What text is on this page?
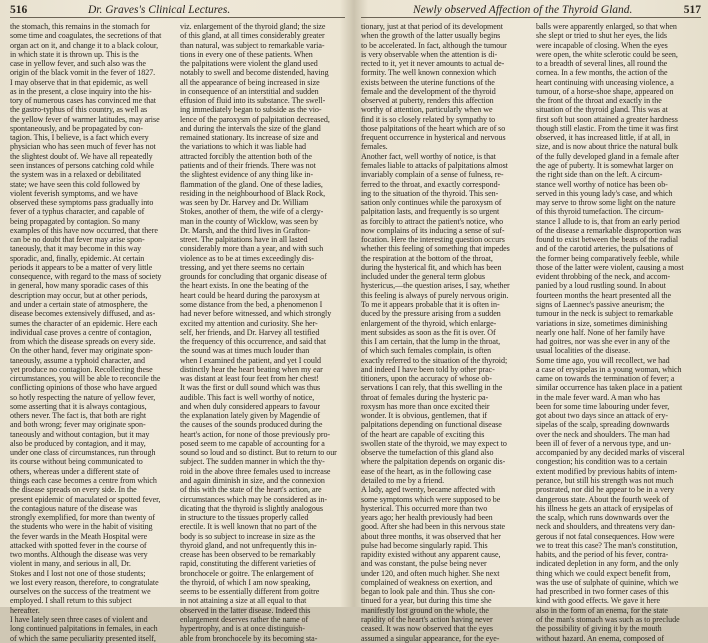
516	Dr. Graves's Clinical Lectures.
the stomach, this remains in the stomach for
some time and coagulates, the secretions of that
organ act on it, and change it to a black colour,
in which state it is thrown up. This is the
case in yellow fever, and such also was the
origin of the black vomit in the fever of 1827.
I may observe that in that epidemic, as well
as in the present, a close inquiry into the his-
tory of numerous cases has convinced me that
the gastro-typhus of this country, as well as
the yellow fever of warmer latitudes, may arise
spontaneously, and be propagated by con-
tagion. This, I believe, is a fact which every
physician who has seen much of fever has not
the slightest doubt of. We have all repeatedly
seen instances of persons catching cold while
the system was in a relaxed or debilitated
state; we have seen this cold followed by
violent feverish symptoms, and we have
observed these symptoms pass gradually into
fever of a typhus character, and capable of
being propagated by contagion. So many
examples of this have now occurred, that there
can be no doubt that fever may arise spon-
taneously, that it may become in this way
sporadic, and, finally, epidemic. At certain
periods it appears to be a matter of very little
consequence, with regard to the mass of society
in general, how many sporadic cases of this
description may occur, but at other periods,
and under a certain state of atmosphere, the
disease becomes extensively diffused, and as-
sumes the character of an epidemic. Here each
individual case proves a centre of contagion,
from which the disease spreads on every side.
On the other hand, fever may originate spon-
taneously, assume a typhoid character, and
yet produce no contagion. Recollecting these
circumstances, you will be able to reconcile the
conflicting opinions of those who have argued
so hotly respecting the nature of yellow fever,
some asserting that it is always contagious,
others never. The fact is, that both are right
and both wrong; fever may originate spon-
taneously and without contagion, but it may
also be produced by contagion, and it may,
under one class of circumstances, run through
its course without being communicated to
others, whereas under a different state of
things each case becomes a centre from which
the disease spreads on every side. In the
present epidemic of maculated or spotted fever,
the contagious nature of the disease was
strongly exemplified, for more than twenty of
the students who were in the habit of visiting
the fever wards in the Meath Hospital were
attacked with spotted fever in the course of
two months. Although the disease was very
violent in many, and serious in all, Dr.
Stokes and I lost not one of those students;
we lost every reason, therefore, to congratulate
ourselves on the success of the treatment we
employed. I shall return to this subject
hereafter.
I have lately seen three cases of violent and
long continued palpitations in females, in each
of which the same peculiarity presented itself,
viz. enlargement of the thyroid gland; the size
of this gland, at all times considerably greater
than natural, was subject to remarkable varia-
tions in every one of these patients. When
the palpitations were violent the gland used
notably to swell and become distended, having
all the appearance of being increased in size
in consequence of an interstitial and sudden
effusion of fluid into its substance. The swell-
ing immediately began to subside as the vio-
lence of the paroxysm of palpitation decreased,
and during the intervals the size of the gland
remained stationary. Its increase of size and
the variations to which it was liable had
attracted forcibly the attention both of the
patients and of their friends. There was not
the slightest evidence of any thing like in-
flammation of the gland. One of these ladies,
residing in the neighbourhood of Black Rock,
was seen by Dr. Harvey and Dr. William
Stokes, another of them, the wife of a clergy-
man in the county of Wicklow, was seen by
Dr. Marsh, and the third lives in Grafton-
street. The palpitations have in all lasted
considerably more than a year, and with such
violence as to be at times exceedingly dis-
tressing, and yet there seems no certain
grounds for concluding that organic disease of
the heart exists. In one the beating of the
heart could be heard during the paroxysm at
some distance from the bed, a phenomenon I
had never before witnessed, and which strongly
excited my attention and curiosity. She her-
self, her friends, and Dr. Harvey all testified
the frequency of this occurrence, and said that
the sound was at times much louder than
when I examined the patient, and yet I could
distinctly hear the heart beating when my ear
was distant at least four feet from her chest!
It was the first or dull sound which was thus
audible. This fact is well worthy of notice,
and when duly considered appears to favour
the explanation lately given by Magendie of
the causes of the sounds produced during the
heart's action, for none of those previously pro-
posed seem to me capable of accounting for a
sound so loud and so distinct. But to return to our
subject. The sudden manner in which the thy-
roid in the above three females used to increase
and again diminish in size, and the connexion
of this with the state of the heart's action, are
circumstances which may be considered as in-
dicating that the thyroid is slightly analogous
in structure to the tissues properly called
erectile. It is well known that no part of the
body is so subject to increase in size as the
thyroid gland, and not unfrequently this in-
crease has been observed to be remarkably
rapid, constituting the different varieties of
bronchocele or goitre. The enlargement of
the thyroid, of which I am now speaking,
seems to be essentially different from goitre
in not attaining a size at all equal to that
observed in the latter disease. Indeed this
enlargement deserves rather the name of
hypertrophy, and is at once distinguish-
able from bronchocele by its becoming sta-
Newly observed Affection of the Thyroid Gland.	517
tionary, just at that period of its development
when the growth of the latter usually begins
to be accelerated. In fact, although the tumour
is very observable when the attention is di-
rected to it, yet it never amounts to actual de-
formity. The well known connexion which
exists between the uterine functions of the
female and the development of the thyroid
observed at puberty, renders this affection
worthy of attention, particularly when we
find it is so closely related by sympathy to
those palpitations of the heart which are of so
frequent occurrence in hysterical and nervous
females.
Another fact, well worthy of notice, is that
females liable to attacks of palpitations almost
invariably complain of a sense of fulness, re-
ferred to the throat, and exactly correspond-
ing to the situation of the thyroid. This sen-
sation only continues while the paroxysm of
palpitation lasts, and frequently is so urgent
as forcibly to attract the patient's notice, who
now complains of its inducing a sense of suf-
focation. Here the interesting question occurs
whether this feeling of something that impedes
the respiration at the bottom of the throat,
during the hysterical fit, and which has been
included under the general term globus
hystericus,—the question arises, I say, whether
this feeling is always of purely nervous origin.
To me it appears probable that it is often in-
duced by the pressure arising from a sudden
enlargement of the thyroid, which enlarge-
ment subsides as soon as the fit is over. Of
this I am certain, that the lump in the throat,
of which such females complain, is often
exactly referred to the situation of the thyroid;
and indeed I have been told by other prac-
titioners, upon the accuracy of whose ob-
servations I can rely, that this swelling in the
throat of females during the hysteric pa-
roxysm has more than once excited their
wonder. It is obvious, gentlemen, that if
palpitations depending on functional disease
of the heart are capable of exciting this
swollen state of the thyroid, we may expect to
observe the tumefaction of this gland also
where the palpitation depends on organic dis-
ease of the heart, as in the following case
detailed to me by a friend.
A lady, aged twenty, became affected with
some symptoms which were supposed to be
hysterical. This occurred more than two
years ago; her health previously had been
good. After she had been in this nervous state
about three months, it was observed that her
pulse had become singularly rapid. This
rapidity existed without any apparent cause,
and was constant, the pulse being never
under 120, and often much higher. She next
complained of weakness on exertion, and
began to look pale and thin. Thus she con-
tinued for a year, but during this time she
manifestly lost ground on the whole, the
rapidity of the heart's action having never
ceased. It was now observed that the eyes
assumed a singular appearance, for the eye-
balls were apparently enlarged, so that when
she slept or tried to shut her eyes, the lids
were incapable of closing. When the eyes
were open, the white sclerotic could be seen,
to a breadth of several lines, all round the
cornea. In a few months, the action of the
heart continuing with unceasing violence, a
tumour, of a horse-shoe shape, appeared on
the front of the throat and exactly in the
situation of the thyroid gland. This was at
first soft but soon attained a greater hardness
though still elastic. From the time it was first
observed, it has increased little, if at all, in
size, and is now about thrice the natural bulk
of the fully developed gland in a female after
the age of puberty. It is somewhat larger on
the right side than on the left. A circum-
stance well worthy of notice has been ob-
served in this young lady's case, and which
may serve to throw some light on the nature
of this thyroid tumefaction. The circum-
stance I allude to is, that from an early period
of the disease a remarkable disproportion was
found to exist between the beats of the radial
and of the carotid arteries, the pulsations of
the former being comparatively feeble, while
those of the latter were violent, causing a most
evident throbbing of the neck, and accom-
panied by a loud rustling sound. In about
fourteen months the heart presented all the
signs of Laennec's passive aneurism; the
tumour in the neck is subject to remarkable
variations in size, sometimes diminishing
nearly one half. None of her family have
had goitres, nor was she ever in any of the
usual localities of the disease.
Some time ago, you will recollect, we had
a case of erysipelas in a young woman, which
came on towards the termination of fever; a
similar occurrence has taken place in a patient
in the male fever ward. A man who has
been for some time labouring under fever,
got about two days since an attack of ery-
sipelas of the scalp, spreading downwards
over the neck and shoulders. The man had
been ill of fever of a nervous type, and un-
accompanied by any decided marks of visceral
congestion; his condition was to a certain
extent modified by previous habits of intem-
perance, but still his strength was not much
prostrated, nor did he appear to be in a very
dangerous state. About the fourth week of
his illness he gets an attack of erysipelas of
the scalp, which runs downwards over the
neck and shoulders, and threatens very dan-
gerous if not fatal consequences. How were
we to treat this case? The man's constitution,
habits, and the period of his fever, contra-
indicated depletion in any form, and the only
thing which we could expect benefit from,
was the use of sulphate of quinine, which we
had prescribed in two former cases of this
kind with good effects. We gave it here
also in the form of an enema, for the state
of the man's stomach was such as to preclude
the possibility of giving it by the mouth
without hazard. An enema, composed of
